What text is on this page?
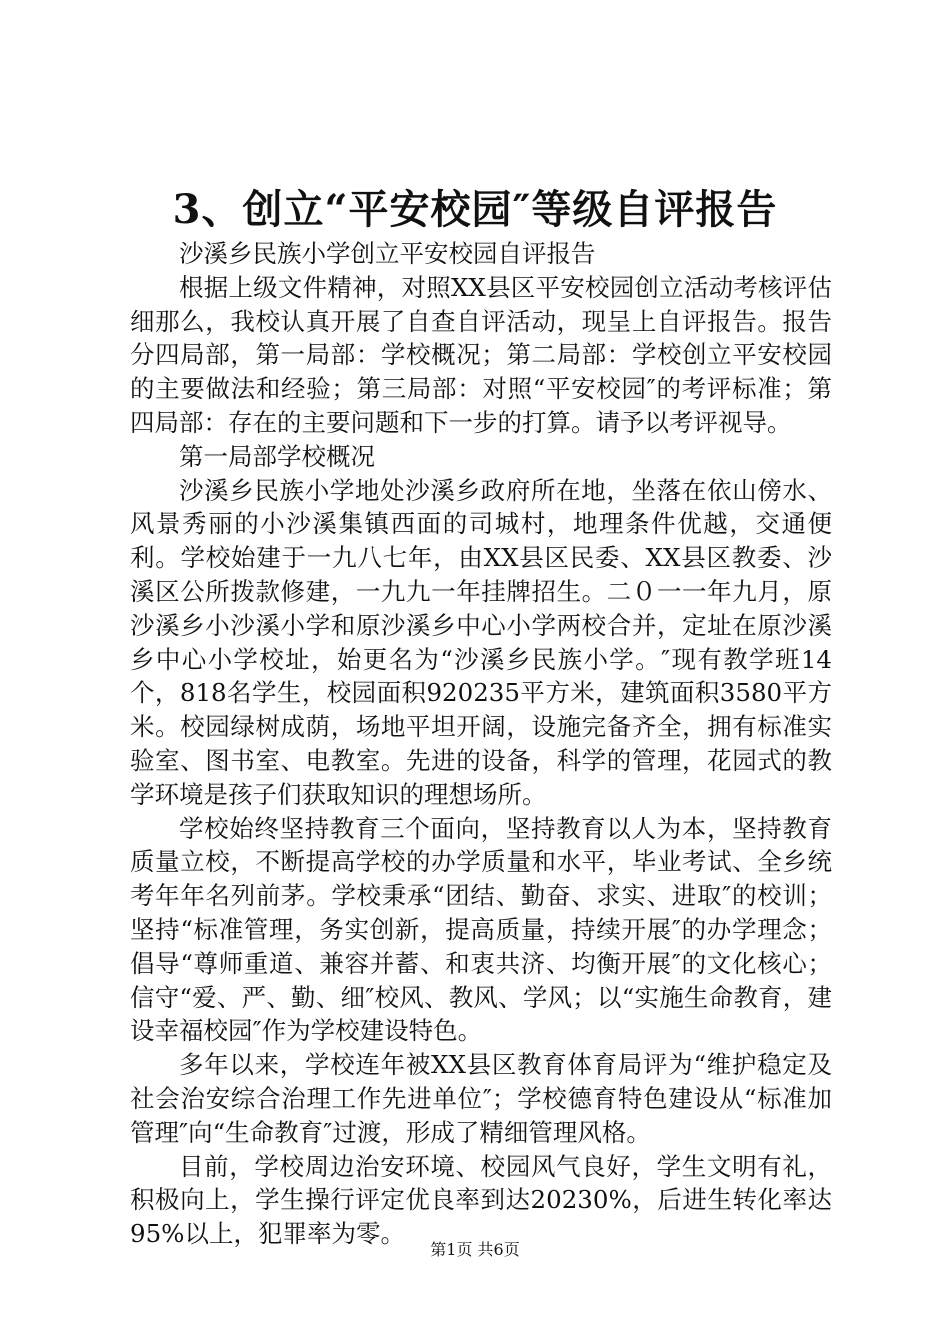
3、创立“平安校园″等级自评报告

沙溪乡民族小学创立平安校园自评报告

根据上级文件精神，对照XX县区平安校园创立活动考核评估细那么，我校认真开展了自查自评活动，现呈上自评报告。报告分四局部，第一局部：学校概况；第二局部：学校创立平安校园的主要做法和经验；第三局部：对照“平安校园″的考评标准；第四局部：存在的主要问题和下一步的打算。请予以考评视导。

第一局部学校概况

沙溪乡民族小学地处沙溪乡政府所在地，坐落在依山傍水、风景秀丽的小沙溪集镇西面的司城村，地理条件优越，交通便利。学校始建于一九八七年，由XX县区民委、XX县区教委、沙溪区公所拨款修建，一九九一年挂牌招生。二０一一年九月，原沙溪乡小沙溪小学和原沙溪乡中心小学两校合并，定址在原沙溪乡中心小学校址，始更名为“沙溪乡民族小学。″现有教学班14个，818名学生，校园面积920235平方米，建筑面积3580平方米。校园绿树成荫，场地平坦开阔，设施完备齐全，拥有标准实验室、图书室、电教室。先进的设备，科学的管理，花园式的教学环境是孩子们获取知识的理想场所。

学校始终坚持教育三个面向，坚持教育以人为本，坚持教育质量立校，不断提高学校的办学质量和水平，毕业考试、全乡统考年年名列前茅。学校秉承“团结、勤奋、求实、进取″的校训；坚持“标准管理，务实创新，提高质量，持续开展″的办学理念；倡导“尊师重道、兼容并蓄、和衷共济、均衡开展″的文化核心；信守“爱、严、勤、细″校风、教风、学风；以“实施生命教育，建设幸福校园″作为学校建设特色。

多年以来，学校连年被XX县区教育体育局评为“维护稳定及社会治安综合治理工作先进单位″；学校德育特色建设从“标准加管理″向“生命教育″过渡，形成了精细管理风格。

目前，学校周边治安环境、校园风气良好，学生文明有礼，积极向上，学生操行评定优良率到达20230%，后进生转化率达95%以上，犯罪率为零。

第1页 共6页
